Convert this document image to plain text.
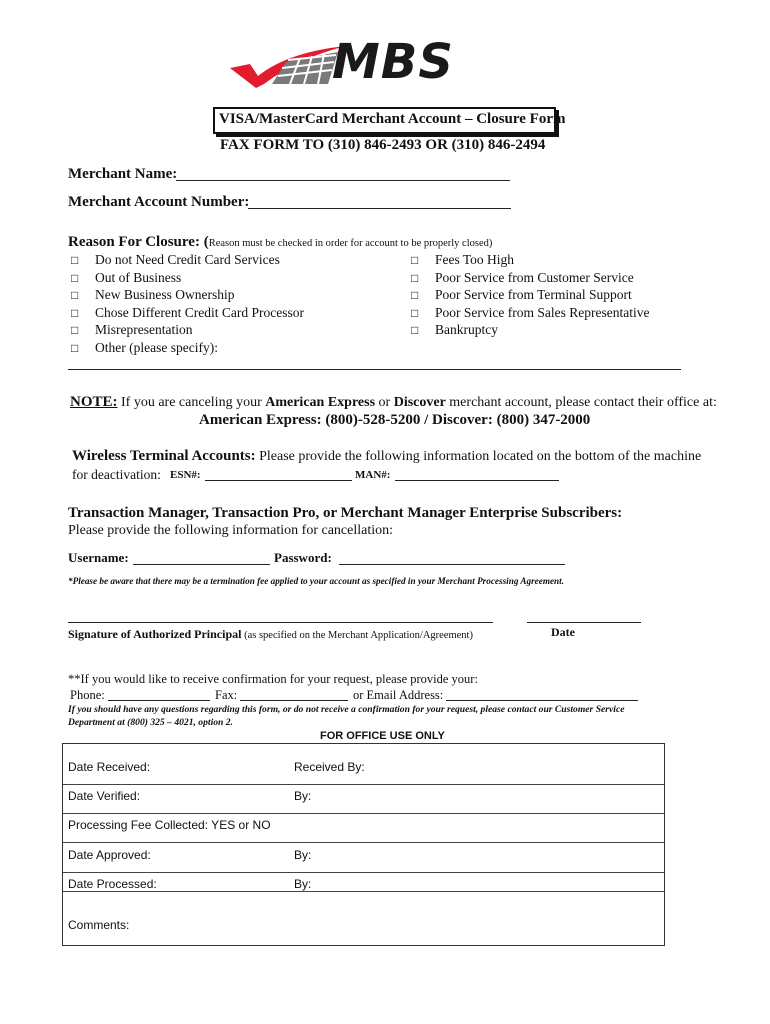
MBS
VISA/MasterCard Merchant Account – Closure Form
FAX FORM TO (310) 846-2493 OR (310) 846-2494
Merchant Name:
Merchant Account Number:
Reason For Closure: (Reason must be checked in order for account to be properly closed)
□ Do not Need Credit Card Services
□ Out of Business
□ New Business Ownership
□ Chose Different Credit Card Processor
□ Misrepresentation
□ Other (please specify):
□ Fees Too High
□ Poor Service from Customer Service
□ Poor Service from Terminal Support
□ Poor Service from Sales Representative
□ Bankruptcy
NOTE: If you are canceling your American Express or Discover merchant account, please contact their office at:
American Express: (800)-528-5200 / Discover: (800) 347-2000
Wireless Terminal Accounts: Please provide the following information located on the bottom of the machine
for deactivation: ESN#:	MAN#:
Transaction Manager, Transaction Pro, or Merchant Manager Enterprise Subscribers:
Please provide the following information for cancellation:
Username:	Password:
*Please be aware that there may be a termination fee applied to your account as specified in your Merchant Processing Agreement.
Signature of Authorized Principal (as specified on the Merchant Application/Agreement)	Date
**If you would like to receive confirmation for your request, please provide your:
Phone:	Fax:	or Email Address:
If you should have any questions regarding this form, or do not receive a confirmation for your request, please contact our Customer Service
Department at (800) 325 – 4021, option 2.
FOR OFFICE USE ONLY
Date Received:	Received By:
Date Verified:	By:
Processing Fee Collected: YES or NO
Date Approved:	By:
Date Processed:	By:
Comments:
